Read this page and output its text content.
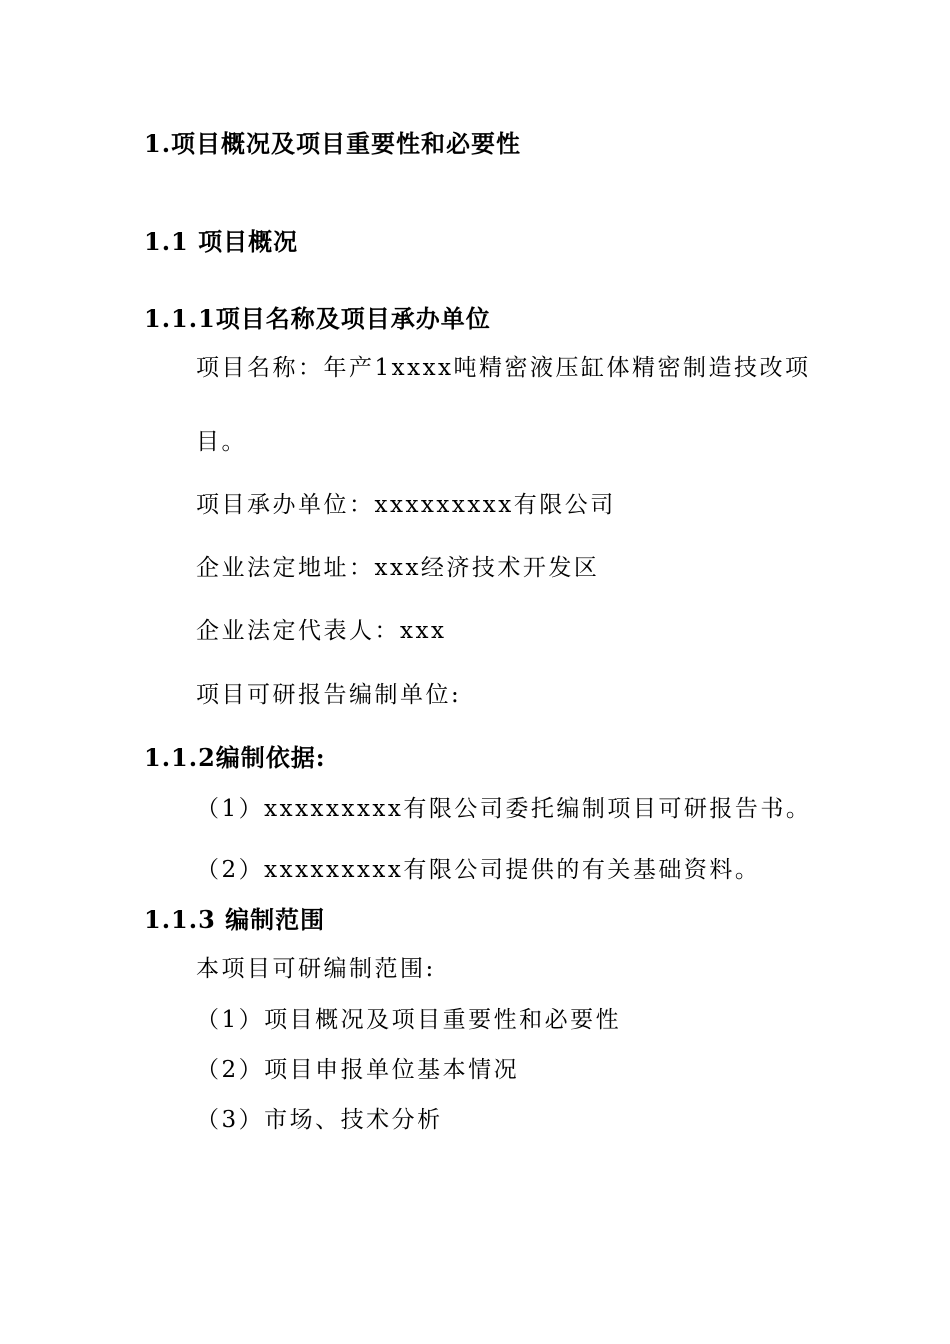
1.项目概况及项目重要性和必要性
1.1 项目概况
1.1.1项目名称及项目承办单位
项目名称：年产1xxxx吨精密液压缸体精密制造技改项
目。
项目承办单位：xxxxxxxxx有限公司
企业法定地址：xxx经济技术开发区
企业法定代表人：xxx
项目可研报告编制单位:
1.1.2编制依据:
（1）xxxxxxxxx有限公司委托编制项目可研报告书。
（2）xxxxxxxxx有限公司提供的有关基础资料。
1.1.3 编制范围
本项目可研编制范围:
（1）项目概况及项目重要性和必要性
（2）项目申报单位基本情况
（3）市场、技术分析
